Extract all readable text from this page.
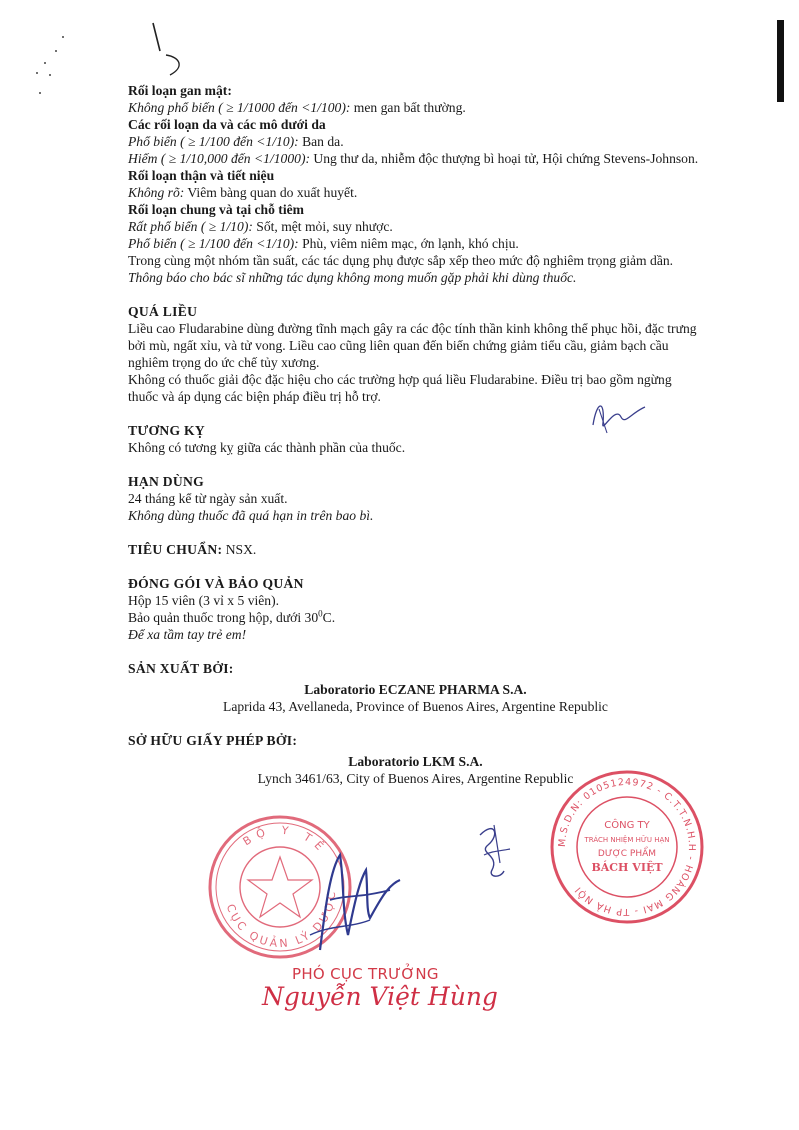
Rối loạn gan mật:
Không phổ biến ( ≥ 1/1000 đến <1/100): men gan bất thường.
Các rối loạn da và các mô dưới da
Phổ biến ( ≥ 1/100 đến <1/10): Ban da.
Hiếm ( ≥ 1/10,000 đến <1/1000): Ung thư da, nhiễm độc thượng bì hoại tử, Hội chứng Stevens-Johnson.
Rối loạn thận và tiết niệu
Không rõ: Viêm bàng quan do xuất huyết.
Rối loạn chung và tại chỗ tiêm
Rất phổ biến ( ≥ 1/10): Sốt, mệt mỏi, suy nhược.
Phổ biến ( ≥ 1/100 đến <1/10): Phù, viêm niêm mạc, ớn lạnh, khó chịu.
Trong cùng một nhóm tần suất, các tác dụng phụ được sắp xếp theo mức độ nghiêm trọng giảm dần.
Thông báo cho bác sĩ những tác dụng không mong muốn gặp phải khi dùng thuốc.
QUÁ LIỀU
Liều cao Fludarabine dùng đường tĩnh mạch gây ra các độc tính thần kinh không thể phục hồi, đặc trưng bởi mù, ngất xỉu, và tử vong. Liều cao cũng liên quan đến biến chứng giảm tiểu cầu, giảm bạch cầu nghiêm trọng do ức chế tủy xương.
Không có thuốc giải độc đặc hiệu cho các trường hợp quá liều Fludarabine. Điều trị bao gồm ngừng thuốc và áp dụng các biện pháp điều trị hỗ trợ.
TƯƠNG KỴ
Không có tương kỵ giữa các thành phần của thuốc.
HẠN DÙNG
24 tháng kể từ ngày sản xuất.
Không dùng thuốc đã quá hạn in trên bao bì.
TIÊU CHUẨN: NSX.
ĐÓNG GÓI VÀ BẢO QUẢN
Hộp 15 viên (3 vỉ x 5 viên).
Bảo quản thuốc trong hộp, dưới $30^0C$.
Để xa tầm tay trẻ em!
SẢN XUẤT BỞI:
Laboratorio ECZANE PHARMA S.A.
Laprida 43, Avellaneda, Province of Buenos Aires, Argentine Republic
SỞ HỮU GIẤY PHÉP BỞI:
Laboratorio LKM S.A.
Lynch 3461/63, City of Buenos Aires, Argentine Republic
BỘ Y TẾ
CỤC QUẢN LÝ DƯỢC
M.S.D.N: 0105124972 - C.T.T.N.H.H - HOÀNG MAI - TP HÀ NỘI
CÔNG TY
TRÁCH NHIỆM HỮU HẠN
DƯỢC PHẨM
BÁCH VIỆT
PHÓ CỤC TRƯỞNG
Nguyễn Việt Hùng
